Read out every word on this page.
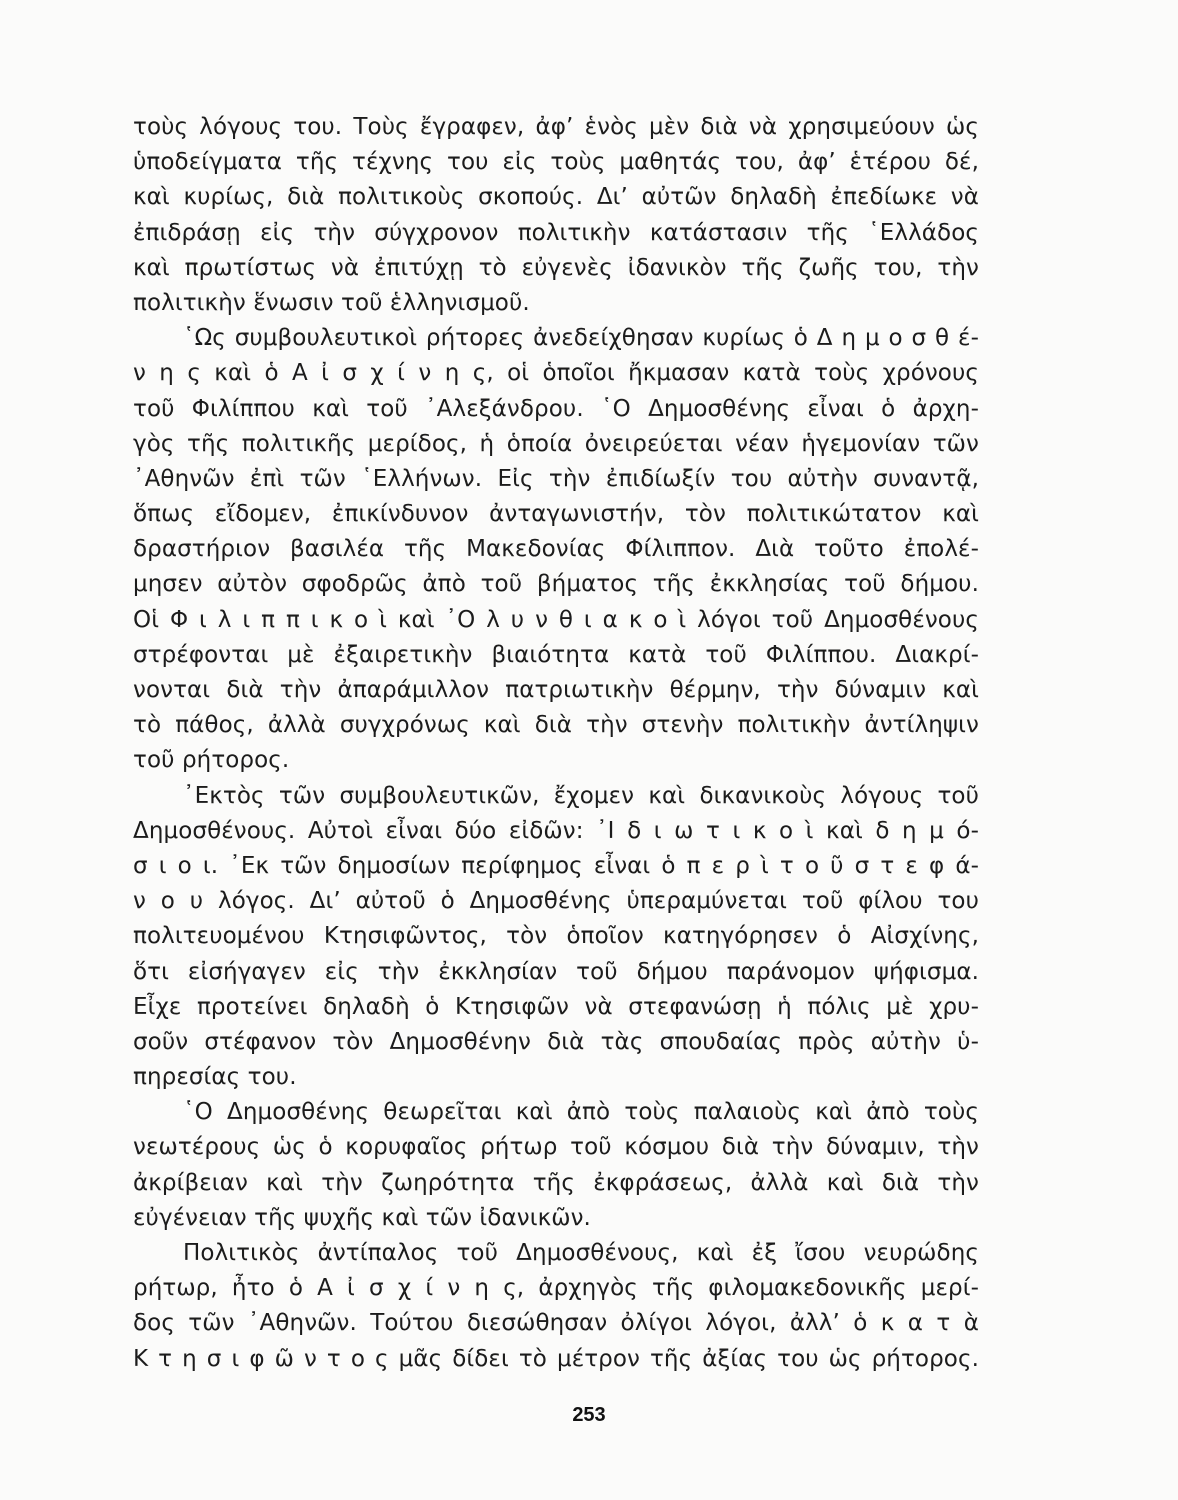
τοὺς λόγους του. Τοὺς ἔγραφεν, ἀφ’ ἑνὸς μὲν διὰ νὰ χρησιμεύουν ὡς
ὑποδείγματα τῆς τέχνης του εἰς τοὺς μαθητάς του, ἀφ’ ἑτέρου δέ,
καὶ κυρίως, διὰ πολιτικοὺς σκοπούς. Δι’ αὐτῶν δηλαδὴ ἐπεδίωκε νὰ
ἐπιδράσῃ εἰς τὴν σύγχρονον πολιτικὴν κατάστασιν τῆς ῾Ελλάδος
καὶ πρωτίστως νὰ ἐπιτύχῃ τὸ εὐγενὲς ἰδανικὸν τῆς ζωῆς του, τὴν
πολιτικὴν ἕνωσιν τοῦ ἑλληνισμοῦ.
῾Ως συμβουλευτικοὶ ρήτορες ἀνεδείχθησαν κυρίως ὁ Δ η μ ο σ θ έ-
ν η ς καὶ ὁ Α ἰ σ χ ί ν η ς, οἱ ὁποῖοι ἤκμασαν κατὰ τοὺς χρόνους
τοῦ Φιλίππου καὶ τοῦ ᾿Αλεξάνδρου. ῾Ο Δημοσθένης εἶναι ὁ ἀρχη-
γὸς τῆς πολιτικῆς μερίδος, ἡ ὁποία ὀνειρεύεται νέαν ἡγεμονίαν τῶν
᾿Αθηνῶν ἐπὶ τῶν ῾Ελλήνων. Εἰς τὴν ἐπιδίωξίν του αὐτὴν συναντᾷ,
ὅπως εἴδομεν, ἐπικίνδυνον ἀνταγωνιστήν, τὸν πολιτικώτατον καὶ
δραστήριον βασιλέα τῆς Μακεδονίας Φίλιππον. Διὰ τοῦτο ἐπολέ-
μησεν αὐτὸν σφοδρῶς ἀπὸ τοῦ βήματος τῆς ἐκκλησίας τοῦ δήμου.
Οἱ Φ ι λ ι π π ι κ ο ὶ καὶ ᾿Ο λ υ ν θ ι α κ ο ὶ λόγοι τοῦ Δημοσθένους
στρέφονται μὲ ἐξαιρετικὴν βιαιότητα κατὰ τοῦ Φιλίππου. Διακρί-
νονται διὰ τὴν ἀπαράμιλλον πατριωτικὴν θέρμην, τὴν δύναμιν καὶ
τὸ πάθος, ἀλλὰ συγχρόνως καὶ διὰ τὴν στενὴν πολιτικὴν ἀντίληψιν
τοῦ ρήτορος.
᾿Εκτὸς τῶν συμβουλευτικῶν, ἔχομεν καὶ δικανικοὺς λόγους τοῦ
Δημοσθένους. Αὐτοὶ εἶναι δύο εἰδῶν: ᾿Ι δ ι ω τ ι κ ο ὶ καὶ δ η μ ό-
σ ι ο ι. ᾿Εκ τῶν δημοσίων περίφημος εἶναι ὁ π ε ρ ὶ τ ο ῦ σ τ ε φ ά-
ν ο υ λόγος. Δι’ αὐτοῦ ὁ Δημοσθένης ὑπεραμύνεται τοῦ φίλου του
πολιτευομένου Κτησιφῶντος, τὸν ὁποῖον κατηγόρησεν ὁ Αἰσχίνης,
ὅτι εἰσήγαγεν εἰς τὴν ἐκκλησίαν τοῦ δήμου παράνομον ψήφισμα.
Εἶχε προτείνει δηλαδὴ ὁ Κτησιφῶν νὰ στεφανώσῃ ἡ πόλις μὲ χρυ-
σοῦν στέφανον τὸν Δημοσθένην διὰ τὰς σπουδαίας πρὸς αὐτὴν ὑ-
πηρεσίας του.
῾Ο Δημοσθένης θεωρεῖται καὶ ἀπὸ τοὺς παλαιοὺς καὶ ἀπὸ τοὺς
νεωτέρους ὡς ὁ κορυφαῖος ρήτωρ τοῦ κόσμου διὰ τὴν δύναμιν, τὴν
ἀκρίβειαν καὶ τὴν ζωηρότητα τῆς ἐκφράσεως, ἀλλὰ καὶ διὰ τὴν
εὐγένειαν τῆς ψυχῆς καὶ τῶν ἰδανικῶν.
Πολιτικὸς ἀντίπαλος τοῦ Δημοσθένους, καὶ ἐξ ἴσου νευρώδης
ρήτωρ, ἦτο ὁ Α ἰ σ χ ί ν η ς, ἀρχηγὸς τῆς φιλομακεδονικῆς μερί-
δος τῶν ᾿Αθηνῶν. Τούτου διεσώθησαν ὀλίγοι λόγοι, ἀλλ’ ὁ κ α τ ὰ
Κ τ η σ ι φ ῶ ν τ ο ς μᾶς δίδει τὸ μέτρον τῆς ἀξίας του ὡς ρήτορος.
253
